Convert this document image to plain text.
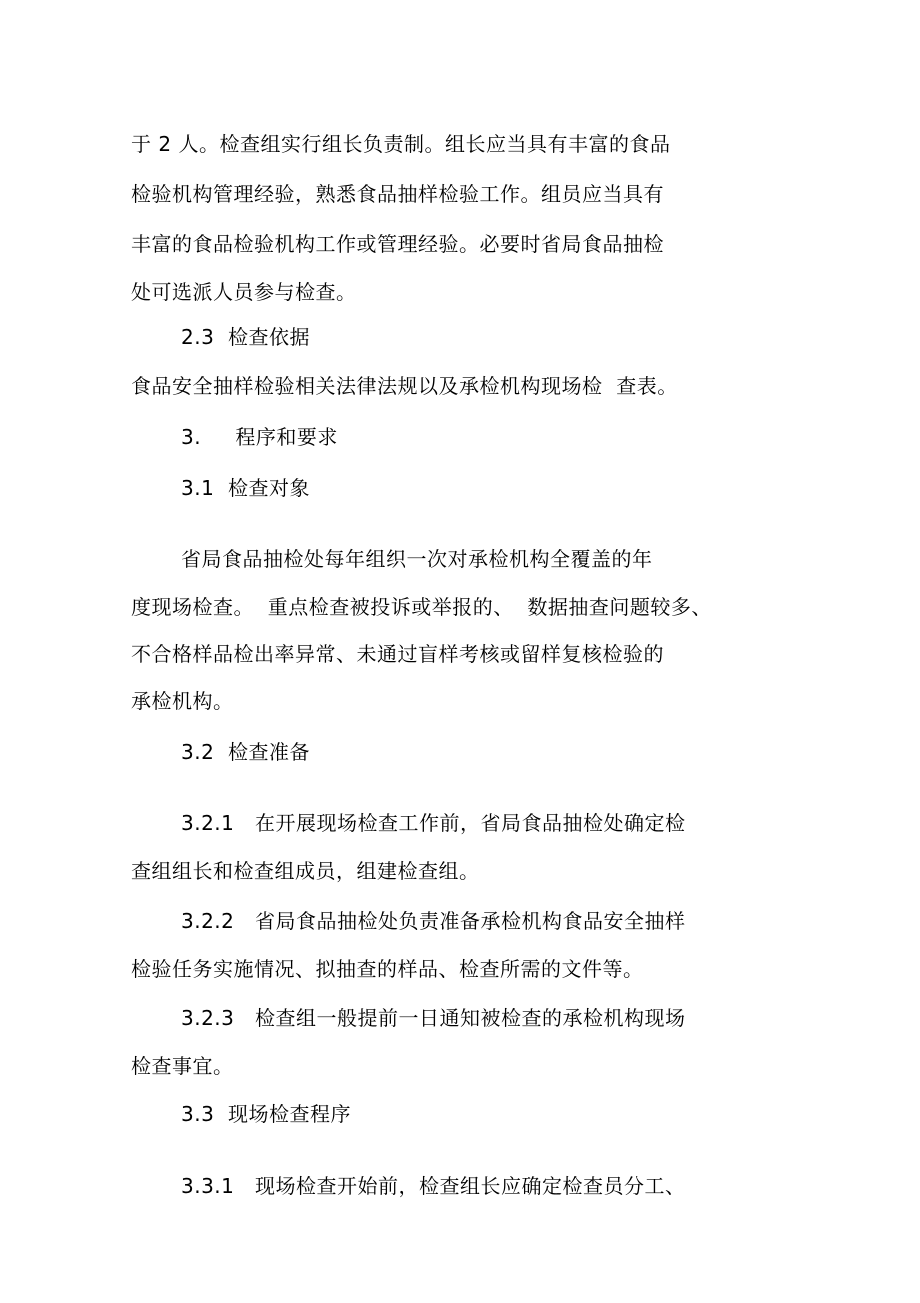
于 2 人。检查组实行组长负责制。组长应当具有丰富的食品
检验机构管理经验，熟悉食品抽样检验工作。组员应当具有
丰富的食品检验机构工作或管理经验。必要时省局食品抽检
处可选派人员参与检查。
2.3  检查依据
食品安全抽样检验相关法律法规以及承检机构现场检  查表。
3.     程序和要求
3.1  检查对象
省局食品抽检处每年组织一次对承检机构全覆盖的年
度现场检查。  重点检查被投诉或举报的、  数据抽查问题较多、
不合格样品检出率异常、未通过盲样考核或留样复核检验的
承检机构。
3.2  检查准备
3.2.1   在开展现场检查工作前，省局食品抽检处确定检
查组组长和检查组成员，组建检查组。
3.2.2   省局食品抽检处负责准备承检机构食品安全抽样
检验任务实施情况、拟抽查的样品、检查所需的文件等。
3.2.3   检查组一般提前一日通知被检查的承检机构现场
检查事宜。
3.3  现场检查程序
3.3.1   现场检查开始前，检查组长应确定检查员分工、
